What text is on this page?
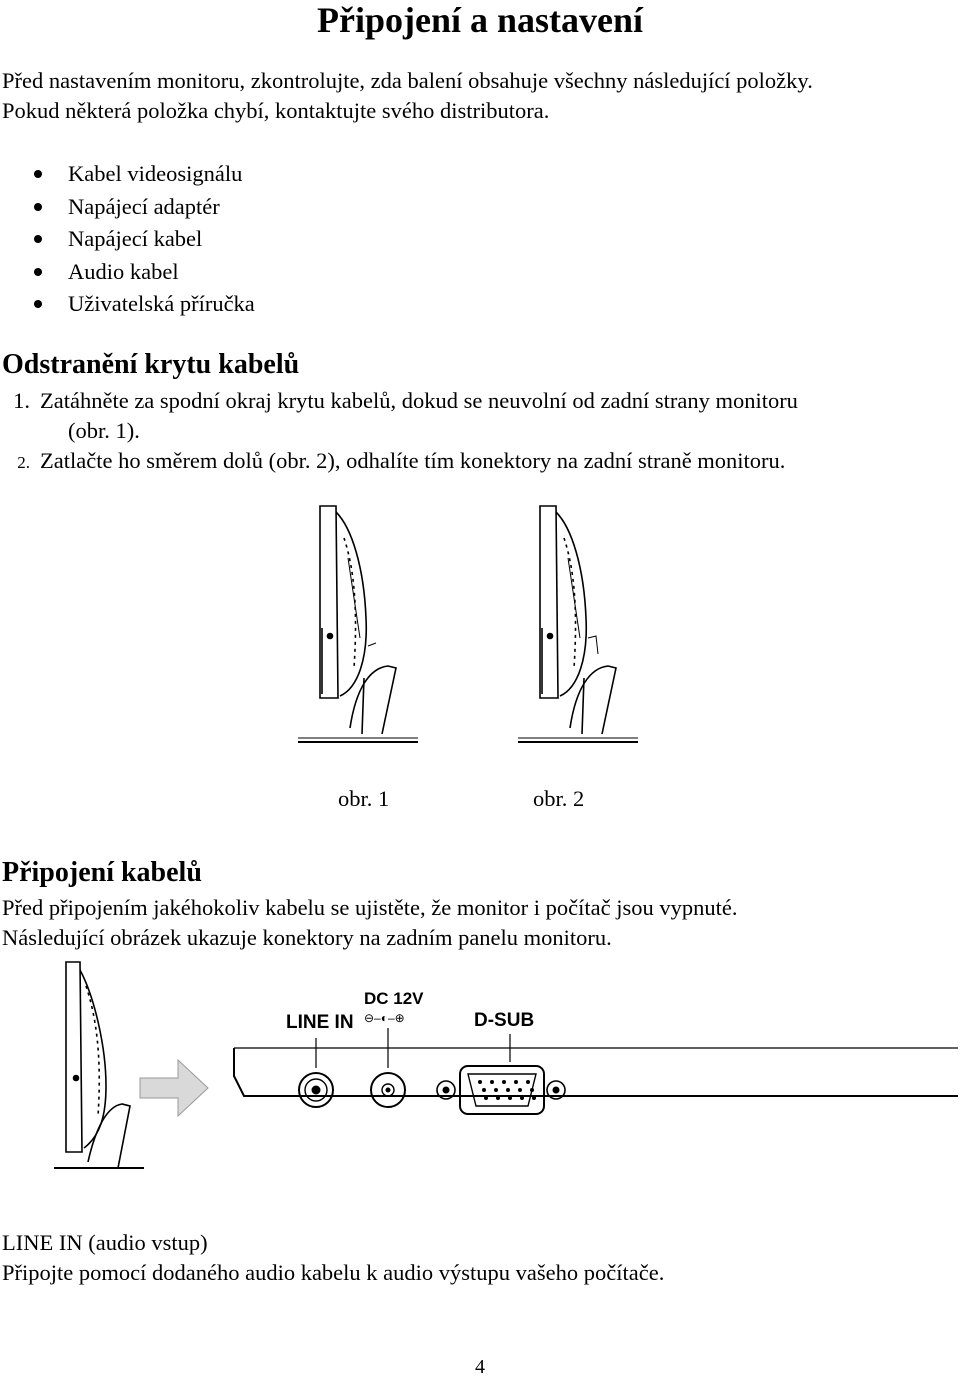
Připojení a nastavení
Před nastavením monitoru, zkontrolujte, zda balení obsahuje všechny následující položky.
Pokud některá položka chybí, kontaktujte svého distributora.
Kabel videosignálu
Napájecí adaptér
Napájecí kabel
Audio kabel
Uživatelská příručka
Odstranění krytu kabelů
1. Zatáhněte za spodní okraj krytu kabelů, dokud se neuvolní od zadní strany monitoru
(obr. 1).
2. Zatlačte ho směrem dolů (obr. 2), odhalíte tím konektory na zadní straně monitoru.
obr. 1	obr. 2
Připojení kabelů
Před připojením jakéhokoliv kabelu se ujistěte, že monitor i počítač jsou vypnuté.
Následující obrázek ukazuje konektory na zadním panelu monitoru.
LINE IN
DC 12V
⊖–◐–⊕	D-SUB
LINE IN (audio vstup)
Připojte pomocí dodaného audio kabelu k audio výstupu vašeho počítače.
4
